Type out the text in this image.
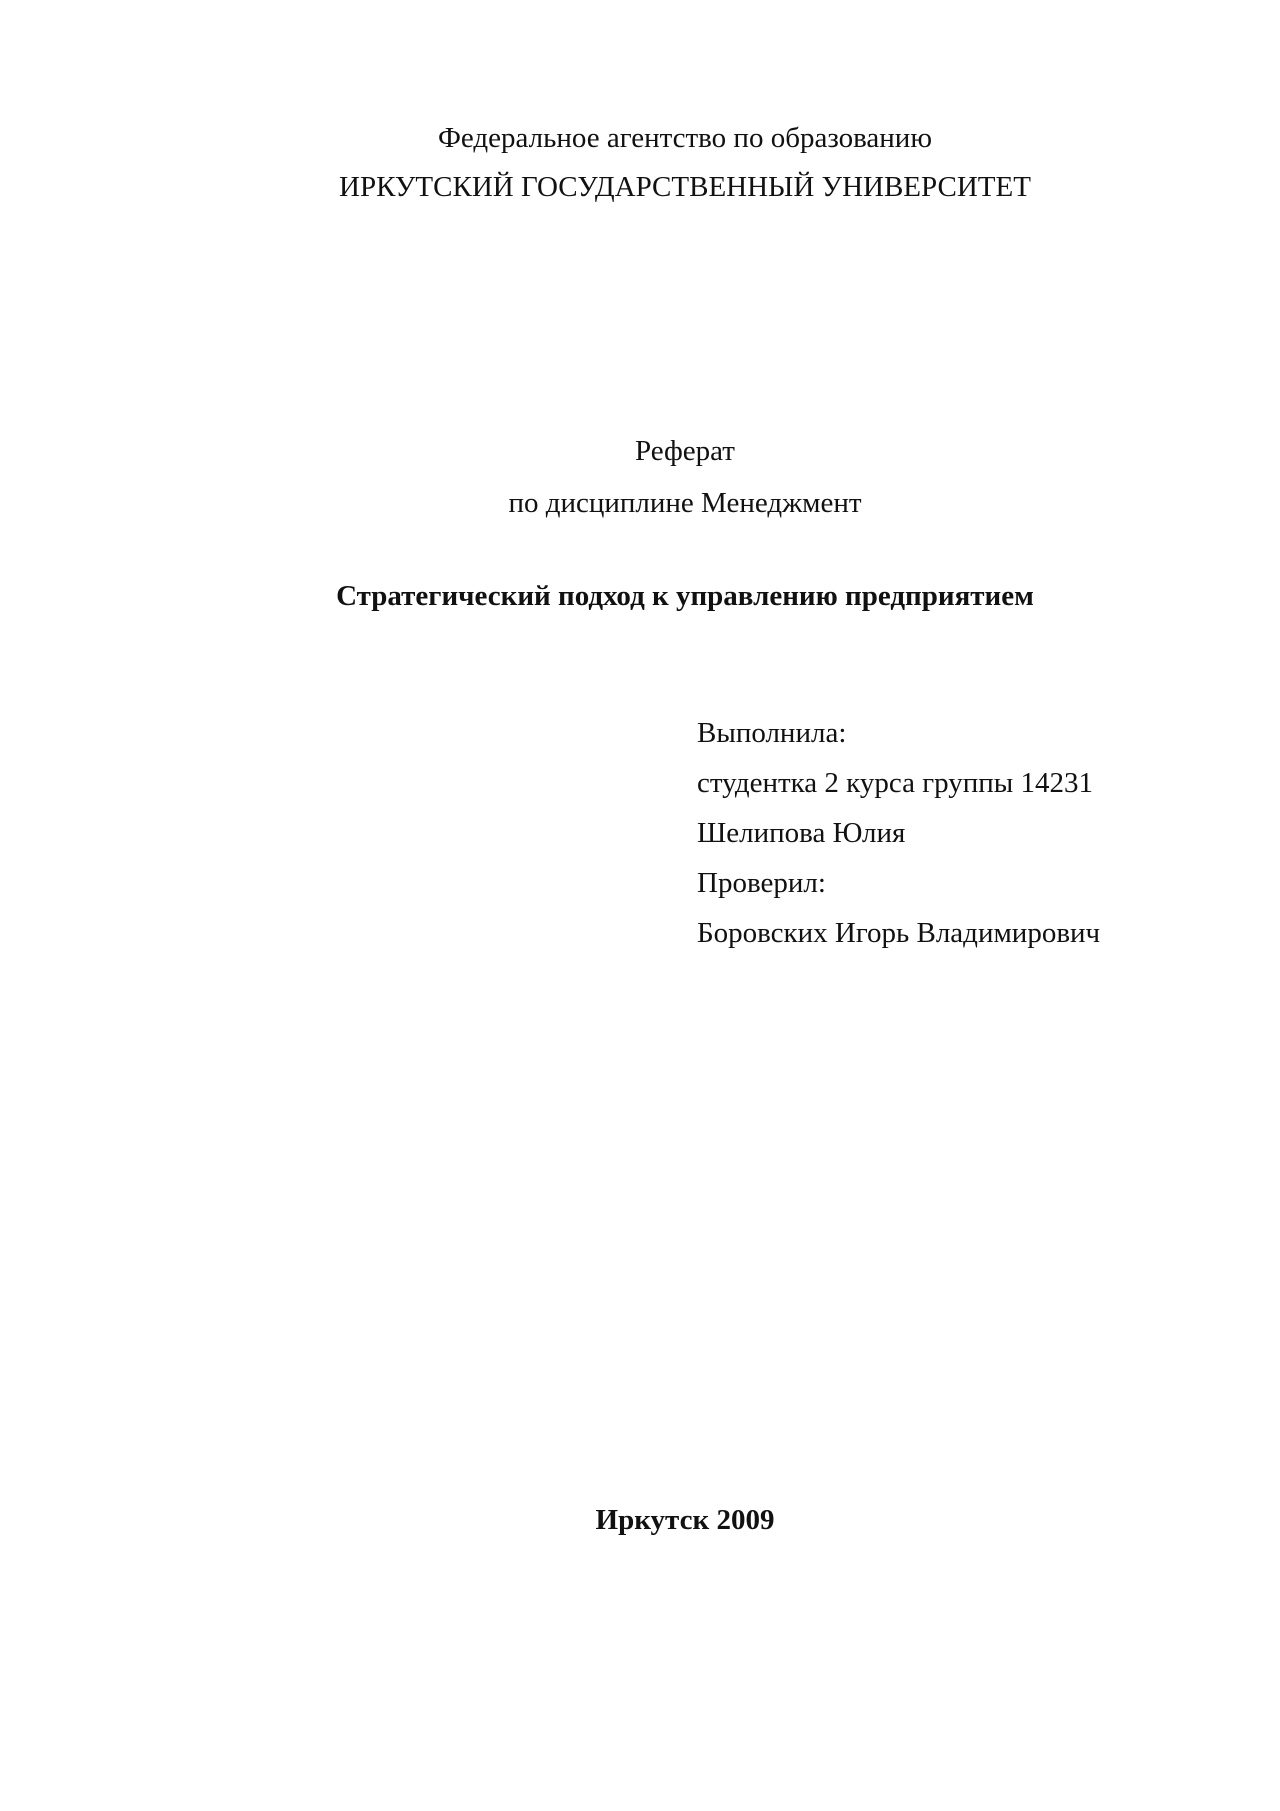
Федеральное агентство по образованию
ИРКУТСКИЙ ГОСУДАРСТВЕННЫЙ УНИВЕРСИТЕТ
Реферат
по дисциплине Менеджмент
Стратегический подход к управлению предприятием
Выполнила:
студентка 2 курса группы 14231
Шелипова Юлия
Проверил:
Боровских Игорь Владимирович
Иркутск 2009
